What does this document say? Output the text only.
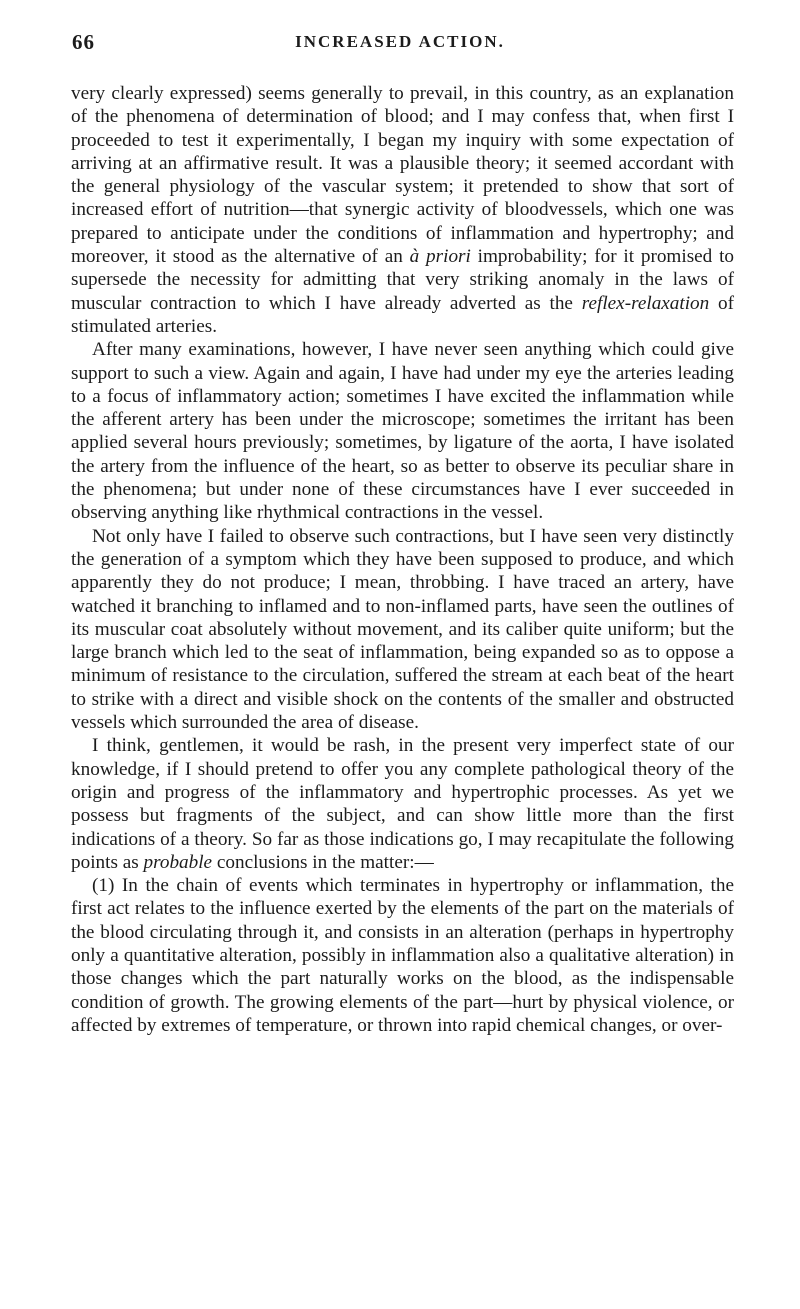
66	INCREASED ACTION.

very clearly expressed) seems generally to prevail, in this country, as an explanation of the phenomena of determination of blood; and I may confess that, when first I proceeded to test it experimentally, I began my inquiry with some expectation of arriving at an affirmative result. It was a plausible theory; it seemed accordant with the general physiology of the vascular system; it pretended to show that sort of increased effort of nutrition—that synergic activity of bloodvessels, which one was prepared to anticipate under the conditions of inflammation and hypertrophy; and moreover, it stood as the alternative of an à priori improbability; for it promised to supersede the necessity for admitting that very striking anomaly in the laws of muscular contraction to which I have already adverted as the reflex-relaxation of stimulated arteries.

After many examinations, however, I have never seen anything which could give support to such a view. Again and again, I have had under my eye the arteries leading to a focus of inflammatory action; sometimes I have excited the inflammation while the afferent artery has been under the microscope; sometimes the irritant has been applied several hours previously; sometimes, by ligature of the aorta, I have isolated the artery from the influence of the heart, so as better to observe its peculiar share in the phenomena; but under none of these circumstances have I ever succeeded in observing anything like rhythmical contractions in the vessel.

Not only have I failed to observe such contractions, but I have seen very distinctly the generation of a symptom which they have been supposed to produce, and which apparently they do not produce; I mean, throbbing. I have traced an artery, have watched it branching to inflamed and to non-inflamed parts, have seen the outlines of its muscular coat absolutely without movement, and its caliber quite uniform; but the large branch which led to the seat of inflammation, being expanded so as to oppose a minimum of resistance to the circulation, suffered the stream at each beat of the heart to strike with a direct and visible shock on the contents of the smaller and obstructed vessels which surrounded the area of disease.

I think, gentlemen, it would be rash, in the present very imperfect state of our knowledge, if I should pretend to offer you any complete pathological theory of the origin and progress of the inflammatory and hypertrophic processes. As yet we possess but fragments of the subject, and can show little more than the first indications of a theory. So far as those indications go, I may recapitulate the following points as probable conclusions in the matter:—

(1) In the chain of events which terminates in hypertrophy or inflammation, the first act relates to the influence exerted by the elements of the part on the materials of the blood circulating through it, and consists in an alteration (perhaps in hypertrophy only a quantitative alteration, possibly in inflammation also a qualitative alteration) in those changes which the part naturally works on the blood, as the indispensable condition of growth. The growing elements of the part—hurt by physical violence, or affected by extremes of temperature, or thrown into rapid chemical changes, or over-
